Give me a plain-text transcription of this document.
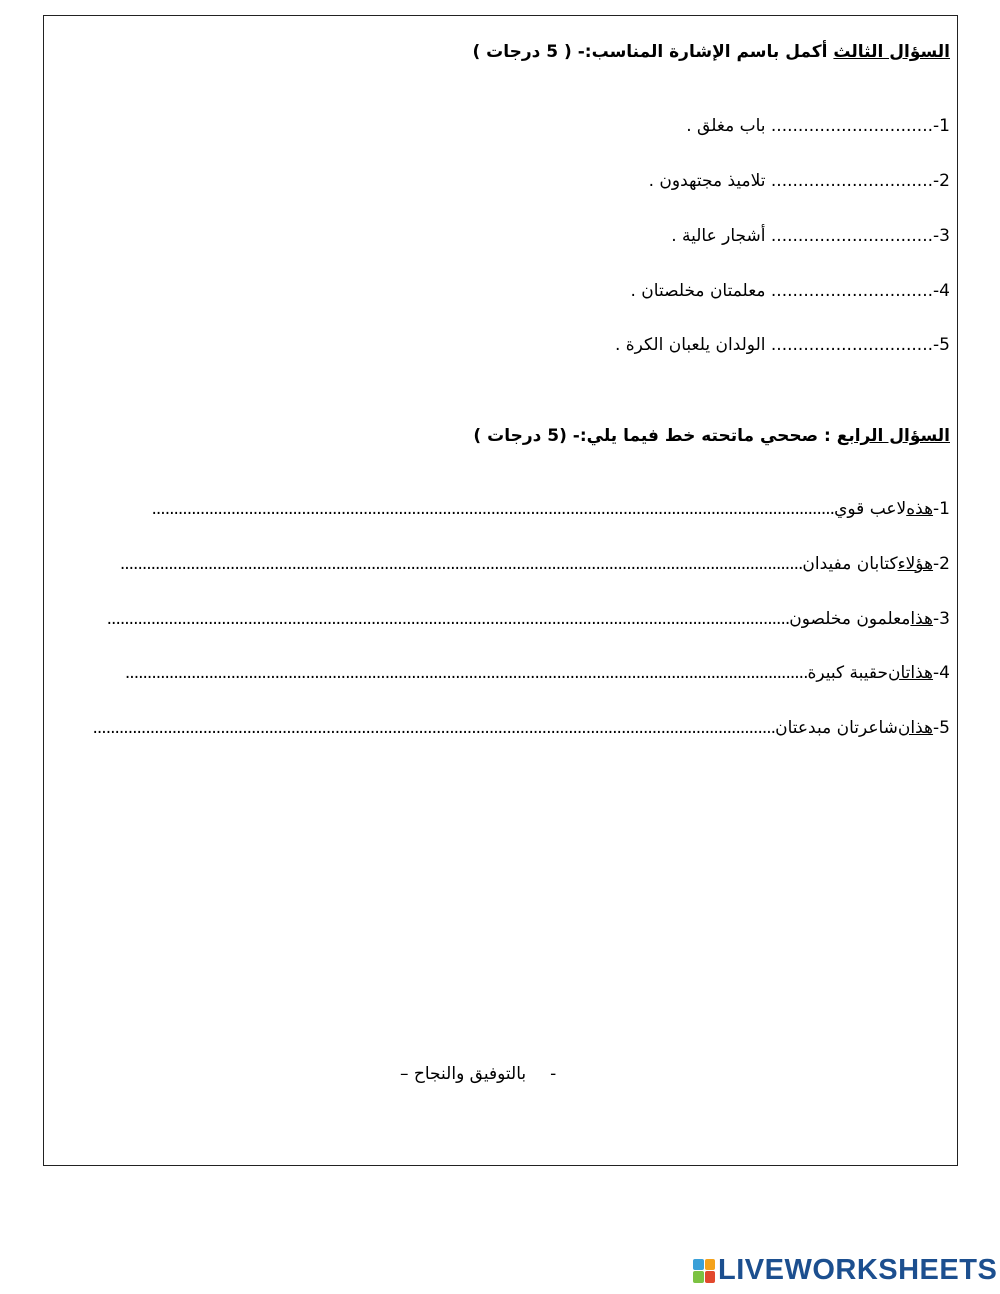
السؤال الثالث أكمل باسم الإشارة المناسب:- ( 5 درجات )
1-.............................. باب مغلق .
2-.............................. تلاميذ مجتهدون .
3-.............................. أشجار عالية .
4-.............................. معلمتان مخلصتان .
5-.............................. الولدان يلعبان الكرة .
السؤال الرابع : صححي ماتحته خط فيما يلي:- (5 درجات )
1-
هذه
لاعب قوي
...........................................................................................................................................................
2-
هؤلاء
كتابان مفيدان
...........................................................................................................................................................
3-
هذا
معلمون مخلصون
...........................................................................................................................................................
4-
هذاتان
حقيبة كبيرة
...........................................................................................................................................................
5-
هذان
شاعرتان مبدعتان
...........................................................................................................................................................
-بالتوفيق والنجاح –
LIVEWORKSHEETS
